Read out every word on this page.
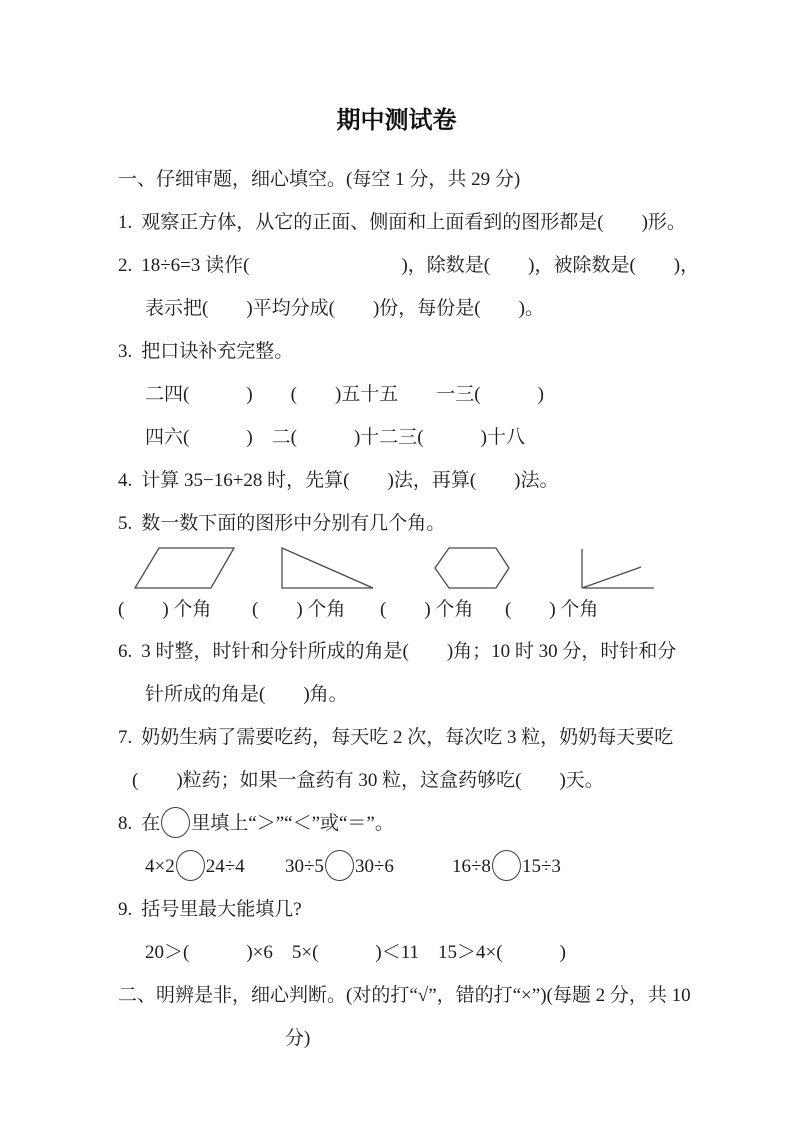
期中测试卷
一、仔细审题，细心填空。(每空 1 分，共 29 分)
1. 观察正方体，从它的正面、侧面和上面看到的图形都是(　　)形。
2. 18÷6=3 读作(　　　　　　　　)，除数是(　　)，被除数是(　　)，
表示把(　　)平均分成(　　)份，每份是(　　)。
3. 把口诀补充完整。
二四(　　　)　　(　　)五十五　　一三(　　　)
四六(　　　)　二(　　　)十二三(　　　)十八
4. 计算 35−16+28 时，先算(　　)法，再算(　　)法。
5. 数一数下面的图形中分别有几个角。
(　　) 个角 (　　) 个角 (　　) 个角 (　　) 个角
6. 3 时整，时针和分针所成的角是(　　)角；10 时 30 分，时针和分
针所成的角是(　　)角。
7. 奶奶生病了需要吃药，每天吃 2 次，每次吃 3 粒，奶奶每天要吃
(　　)粒药；如果一盒药有 30 粒，这盒药够吃(　　)天。
8. 在 里填上“＞”“＜”或“＝”。
4×2 24÷4 30÷5 30÷6	16÷8 15÷3
9. 括号里最大能填几?
20＞(　　　)×6　5×(　　　)＜11　15＞4×(　　　)
二、明辨是非，细心判断。(对的打“√”，错的打“×”)(每题 2 分，共 10
分)
